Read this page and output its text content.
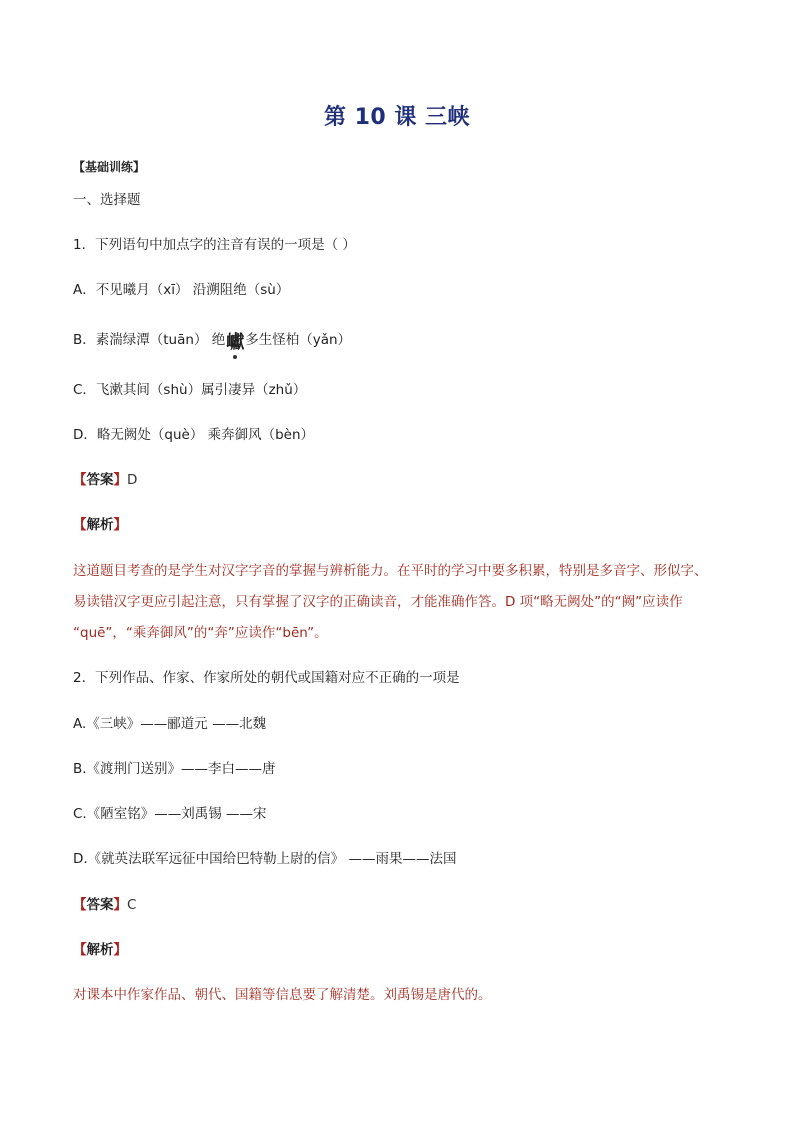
第 10 课 三峡
【基础训练】
一、选择题
1．下列语句中加点字的注音有误的一项是（ ）
A．不见曦月（xī） 沿溯阻绝（sù）
B．素湍绿潭（tuān） 绝巘
多生怪柏（yǎn）
C．飞漱其间（shù）属引凄异（zhǔ）
D．略无阙处（què） 乘奔御风（bèn）
【答案】D
【解析】
这道题目考查的是学生对汉字字音的掌握与辨析能力。在平时的学习中要多积累，特别是多音字、形似字、
易读错汉字更应引起注意，只有掌握了汉字的正确读音，才能准确作答。D 项“略无阙处”的“阙”应读作
“quē”，“乘奔御风”的“奔”应读作“bēn”。
2．下列作品、作家、作家所处的朝代或国籍对应不正确的一项是
A.《三峡》——郦道元 ——北魏
B.《渡荆门送别》——李白——唐
C.《陋室铭》——刘禹锡 ——宋
D.《就英法联军远征中国给巴特勒上尉的信》 ——雨果——法国
【答案】C
【解析】
对课本中作家作品、朝代、国籍等信息要了解清楚。刘禹锡是唐代的。
